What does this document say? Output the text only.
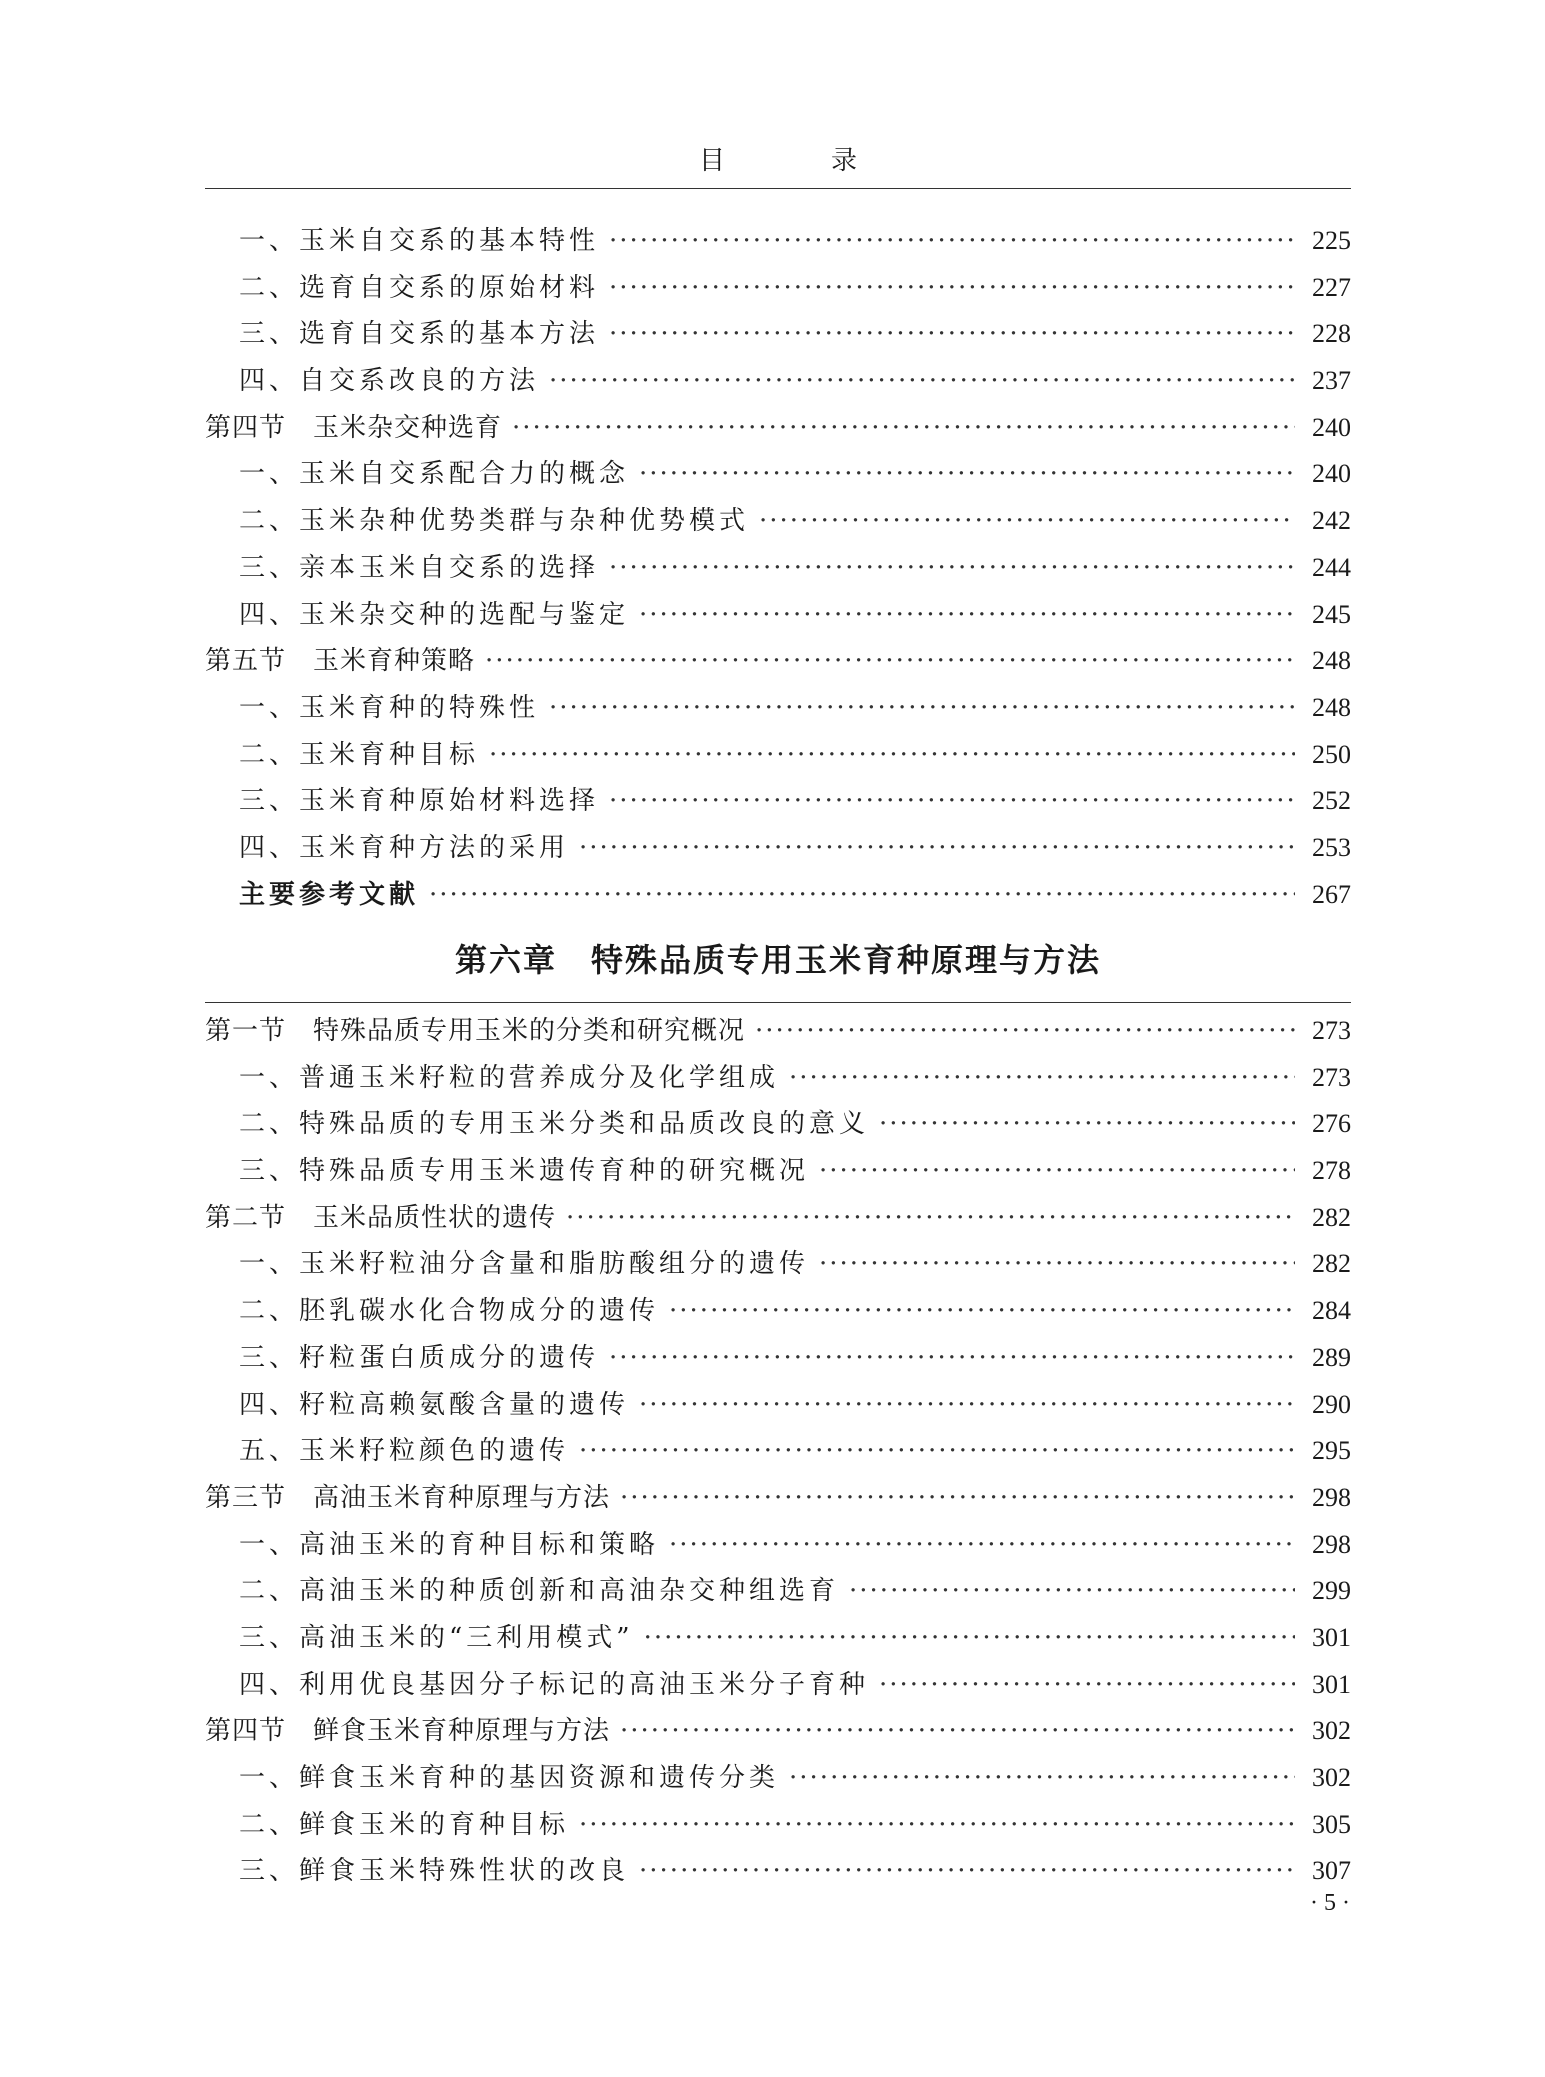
目　录
一、玉米自交系的基本特性 ·····	225
二、选育自交系的原始材料 ·····	227
三、选育自交系的基本方法 ·····	228
四、自交系改良的方法 ·····	237
第四节　玉米杂交种选育 ·····	240
一、玉米自交系配合力的概念 ·····	240
二、玉米杂种优势类群与杂种优势模式 ·····	242
三、亲本玉米自交系的选择 ·····	244
四、玉米杂交种的选配与鉴定 ·····	245
第五节　玉米育种策略 ·····	248
一、玉米育种的特殊性 ·····	248
二、玉米育种目标 ·····	250
三、玉米育种原始材料选择 ·····	252
四、玉米育种方法的采用 ·····	253
主要参考文献 ·····	267
第六章　特殊品质专用玉米育种原理与方法
第一节　特殊品质专用玉米的分类和研究概况 ·····	273
一、普通玉米籽粒的营养成分及化学组成 ·····	273
二、特殊品质的专用玉米分类和品质改良的意义 ·····	276
三、特殊品质专用玉米遗传育种的研究概况 ·····	278
第二节　玉米品质性状的遗传 ·····	282
一、玉米籽粒油分含量和脂肪酸组分的遗传 ·····	282
二、胚乳碳水化合物成分的遗传 ·····	284
三、籽粒蛋白质成分的遗传 ·····	289
四、籽粒高赖氨酸含量的遗传 ·····	290
五、玉米籽粒颜色的遗传 ·····	295
第三节　高油玉米育种原理与方法 ·····	298
一、高油玉米的育种目标和策略 ·····	298
二、高油玉米的种质创新和高油杂交种组选育 ·····	299
三、高油玉米的“三利用模式” ·····	301
四、利用优良基因分子标记的高油玉米分子育种 ·····	301
第四节　鲜食玉米育种原理与方法 ·····	302
一、鲜食玉米育种的基因资源和遗传分类 ·····	302
二、鲜食玉米的育种目标 ·····	305
三、鲜食玉米特殊性状的改良 ·····	307
· 5 ·
